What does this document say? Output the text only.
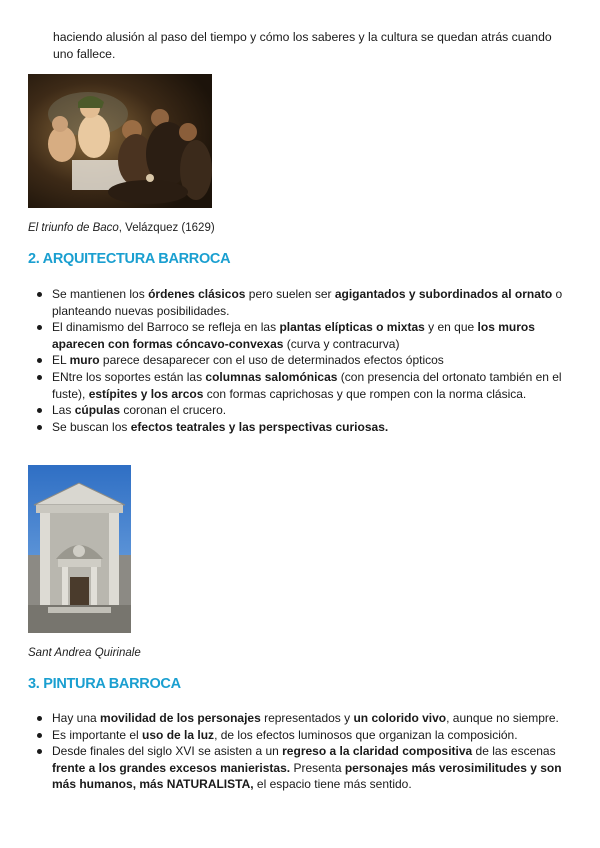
haciendo alusión al paso del tiempo y cómo los saberes y la cultura se quedan atrás cuando uno fallece.

El triunfo de Baco, Velázquez (1629)
2. ARQUITECTURA BARROCA
Se mantienen los órdenes clásicos pero suelen ser agigantados y subordinados al ornato o planteando nuevas posibilidades.
El dinamismo del Barroco se refleja en las plantas elípticas o mixtas y en que los muros aparecen con formas cóncavo-convexas (curva y contracurva)
EL muro parece desaparecer con el uso de determinados efectos ópticos
ENtre los soportes están las columnas salomónicas (con presencia del ortonato también en el fuste), estípites y los arcos con formas caprichosas y que rompen con la norma clásica.
Las cúpulas coronan el crucero.
Se buscan los efectos teatrales y las perspectivas curiosas.
Sant Andrea Quirinale
3. PINTURA BARROCA
Hay una movilidad de los personajes representados y un colorido vivo, aunque no siempre.
Es importante el uso de la luz, de los efectos luminosos que organizan la composición.
Desde finales del siglo XVI se asisten a un regreso a la claridad compositiva de las escenas frente a los grandes excesos manieristas. Presenta personajes más verosimilitudes y son más humanos, más NATURALISTA, el espacio tiene más sentido.
